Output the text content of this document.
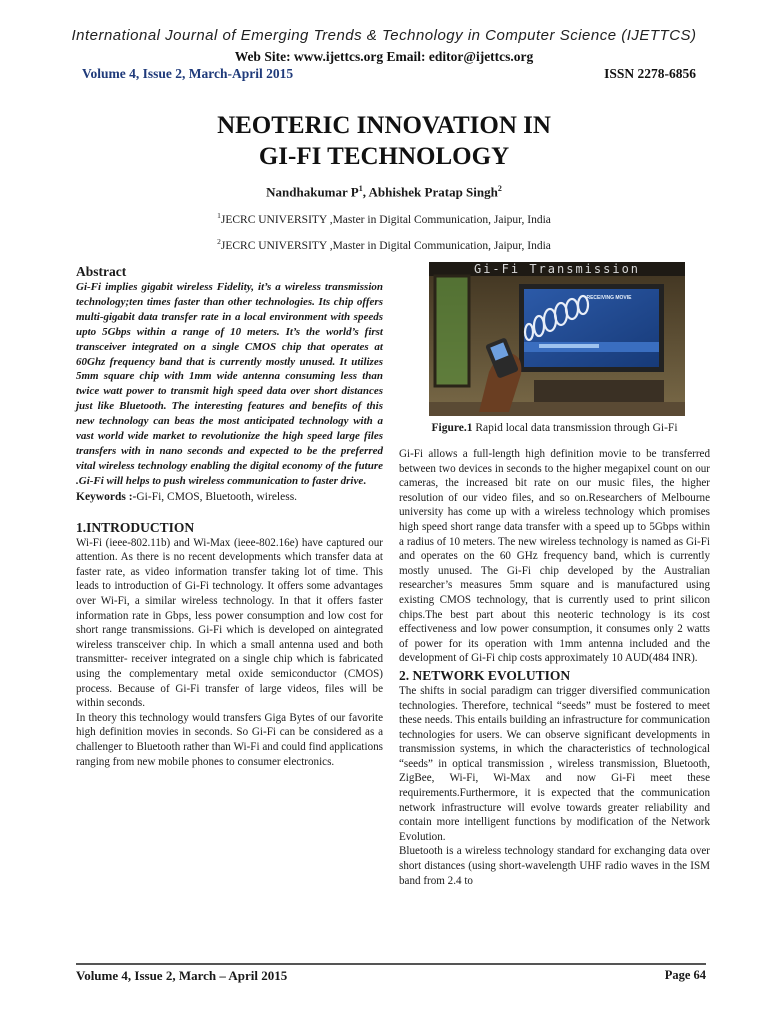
International Journal of Emerging Trends & Technology in Computer Science (IJETTCS)
Web Site: www.ijettcs.org Email: editor@ijettcs.org
Volume 4, Issue 2, March-April 2015	ISSN 2278-6856
NEOTERIC INNOVATION IN
GI-FI TECHNOLOGY
Nandhakumar $P^1$, Abhishek Pratap Singh$^2$
$^1$JECRC UNIVERSITY ,Master in Digital Communication, Jaipur, India
$^2$JECRC UNIVERSITY ,Master in Digital Communication, Jaipur, India
Abstract

Gi-Fi implies gigabit wireless Fidelity, it’s a wireless transmission technology;ten times faster than other technologies. Its chip offers multi-gigabit data transfer rate in a local environment with speeds upto 5Gbps within a range of 10 meters. It’s the world’s first transceiver integrated on a single CMOS chip that operates at 60Ghz frequency band that is currently mostly unused. It utilizes 5mm square chip with 1mm wide antenna consuming less than twice watt power to transmit high speed data over short distances just like Bluetooth. The interesting features and benefits of this new technology can beas the most anticipated technology with a vast world wide market to revolutionize the high speed large files transfers with in nano seconds and expected to be the preferred vital wireless technology enabling the digital economy of the future .Gi-Fi will helps to push wireless communication to faster drive.

Keywords :-Gi-Fi, CMOS, Bluetooth, wireless.

1.INTRODUCTION

Wi-Fi (ieee-802.11b) and Wi-Max (ieee-802.16e) have captured our attention. As there is no recent developments which transfer data at faster rate, as video information transfer taking lot of time. This leads to introduction of Gi-Fi technology. It offers some advantages over Wi-Fi, a similar wireless technology. In that it offers faster information rate in Gbps, less power consumption and low cost for short range transmissions. Gi-Fi which is developed on aintegrated wireless transceiver chip. In which a small antenna used and both transmitter- receiver integrated on a single chip which is fabricated using the complementary metal oxide semiconductor (CMOS) process. Because of Gi-Fi transfer of large videos, files will be within seconds.

In theory this technology would transfers Giga Bytes of our favorite high definition movies in seconds. So Gi-Fi can be considered as a challenger to Bluetooth rather than Wi-Fi and could find applications ranging from new mobile phones to consumer electronics.

Gi-Fi Transmission
RECEIVING MOVIE

Figure.1 Rapid local data transmission through Gi-Fi

Gi-Fi allows a full-length high definition movie to be transferred between two devices in seconds to the higher megapixel count on our cameras, the increased bit rate on our music files, the higher resolution of our video files, and so on.Researchers of Melbourne university has come up with a wireless technology which promises high speed short range data transfer with a speed up to 5Gbps within a radius of 10 meters. The new wireless technology is named as Gi-Fi and operates on the 60 GHz frequency band, which is currently mostly unused. The Gi-Fi chip developed by the Australian researcher’s measures 5mm square and is manufactured using existing CMOS technology, that is currently used to print silicon chips.The best part about this neoteric technology is its cost effectiveness and low power consumption, it consumes only 2 watts of power for its operation with 1mm antenna included and the development of Gi-Fi chip costs approximately 10 AUD(484 INR).

2. NETWORK EVOLUTION

The shifts in social paradigm can trigger diversified communication technologies. Therefore, technical “seeds” must be fostered to meet these needs. This entails building an infrastructure for communication technologies for users. We can observe significant developments in transmission systems, in which the characteristics of technological “seeds” in optical transmission , wireless transmission, Bluetooth, ZigBee, Wi-Fi, Wi-Max and now Gi-Fi meet these requirements.Furthermore, it is expected that the communication network infrastructure will evolve towards greater reliability and contain more intelligent functions by modification of the Network Evolution.

Bluetooth is a wireless technology standard for exchanging data over short distances (using short-wavelength UHF radio waves in the ISM band from 2.4 to

Volume 4, Issue 2, March – April 2015	Page 64
